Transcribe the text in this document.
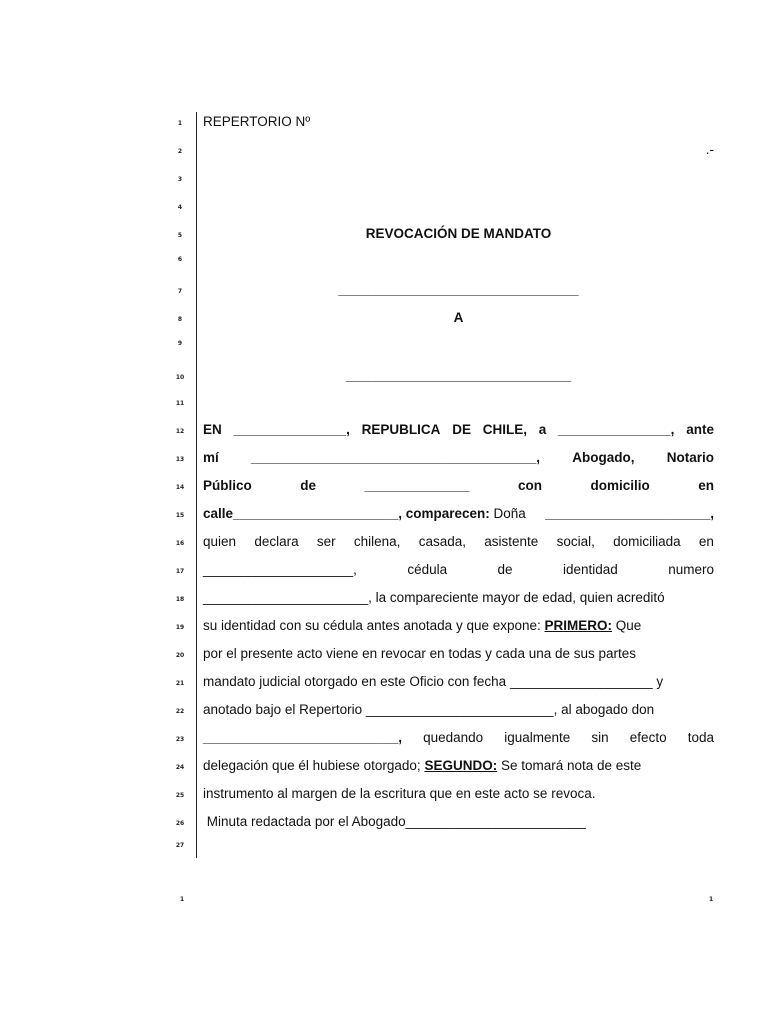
1
2
3
4
5
6
7
8
9
10
11
12
13
14
15
16
17
18
19
20
21
22
23
24
25
26
27
REPERTORIO Nº
.-
REVOCACIÓN DE MANDATO
________________________________
A
______________________________
EN _______________, REPUBLICA DE CHILE, a _______________, ante
mí ______________________________________, Abogado, Notario
Público	de	______________	con	domicilio	en
calle______________________, comparecen: Doña ______________________,
quien declara ser chilena, casada, asistente social, domiciliada en
____________________,	cédula	de	identidad	numero
______________________, la compareciente mayor de edad, quien acreditó
su identidad con su cédula antes anotada y que expone: PRIMERO: Que
por el presente acto viene en revocar en todas y cada una de sus partes
mandato judicial otorgado en este Oficio con fecha ___________________ y
anotado bajo el Repertorio _________________________, al abogado don
__________________________, quedando igualmente sin efecto toda
delegación que él hubiese otorgado; SEGUNDO: Se tomará nota de este
instrumento al margen de la escritura que en este acto se revoca.
Minuta redactada por el Abogado________________________
1	1
